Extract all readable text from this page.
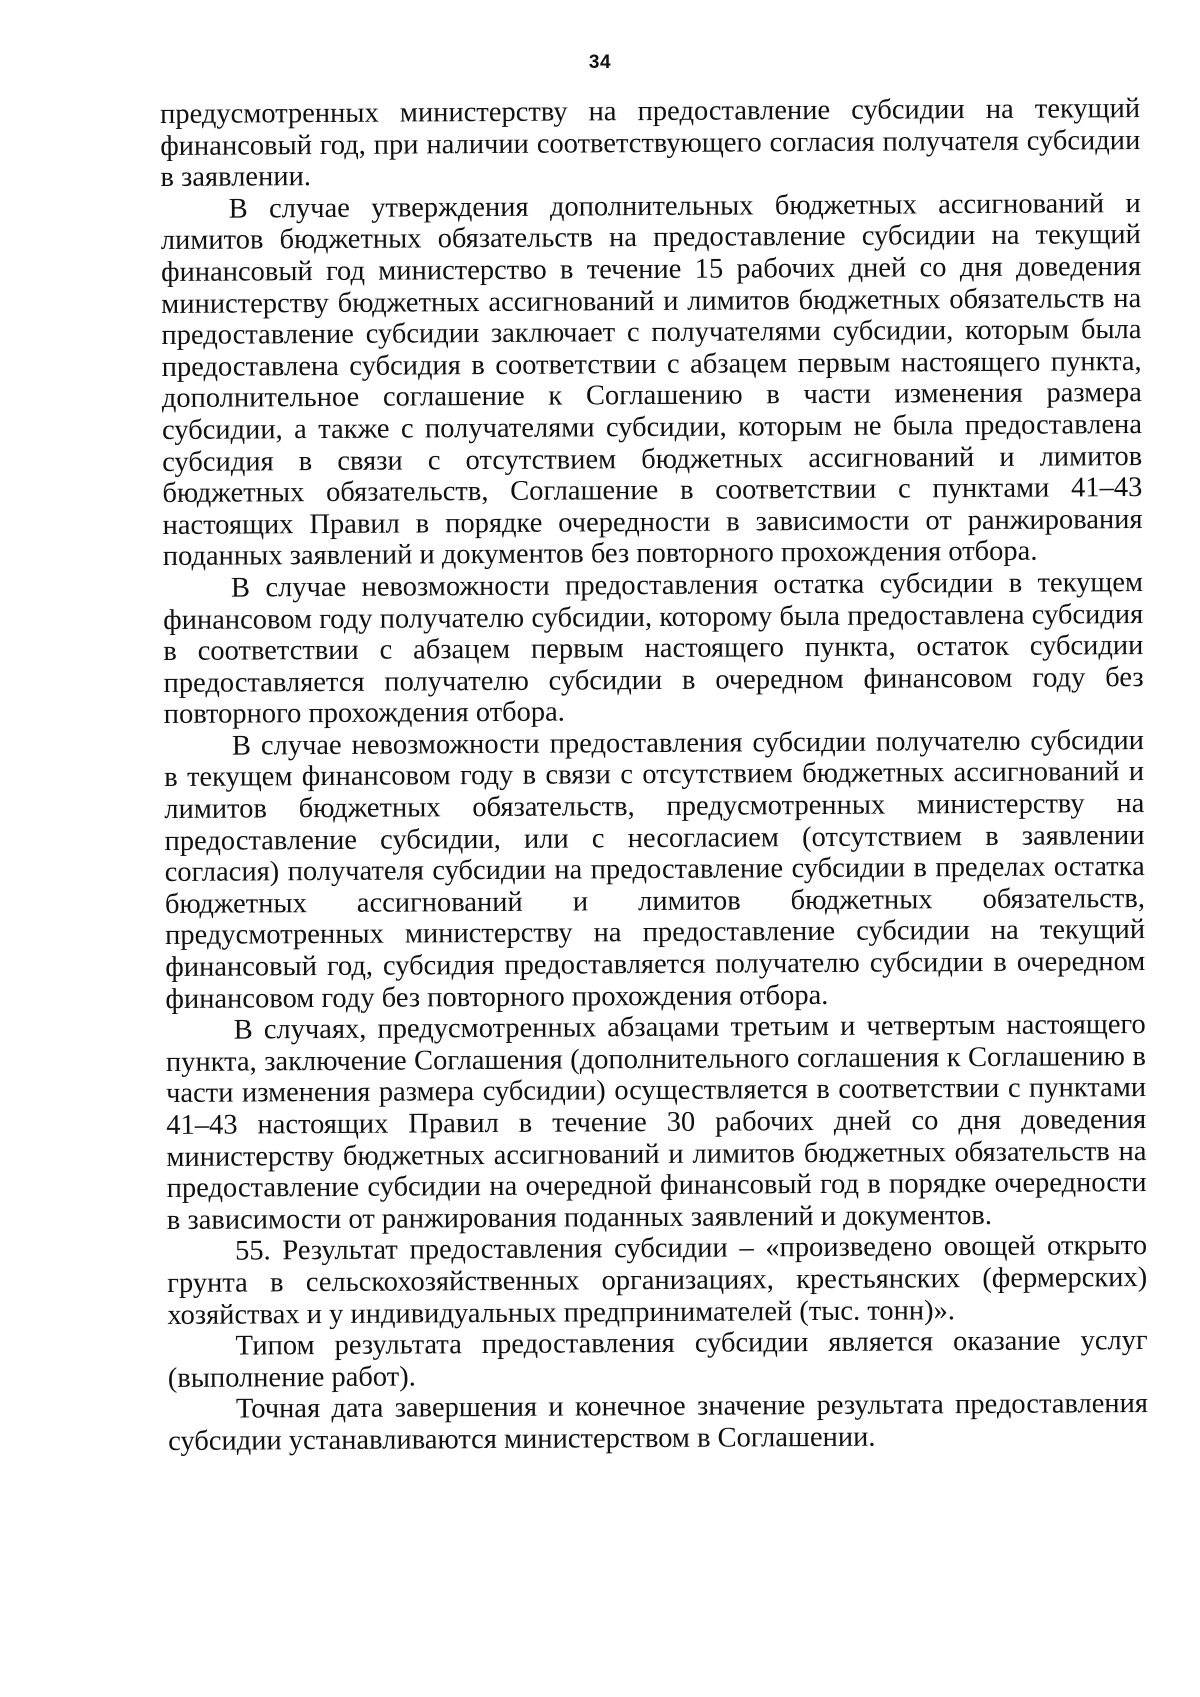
34

предусмотренных министерству на предоставление субсидии на текущий финансовый год, при наличии соответствующего согласия получателя субсидии в заявлении.

В случае утверждения дополнительных бюджетных ассигнований и лимитов бюджетных обязательств на предоставление субсидии на текущий финансовый год министерство в течение 15 рабочих дней со дня доведения министерству бюджетных ассигнований и лимитов бюджетных обязательств на предоставление субсидии заключает с получателями субсидии, которым была предоставлена субсидия в соответствии с абзацем первым настоящего пункта, дополнительное соглашение к Соглашению в части изменения размера субсидии, а также с получателями субсидии, которым не была предоставлена субсидия в связи с отсутствием бюджетных ассигнований и лимитов бюджетных обязательств, Соглашение в соответствии с пунктами 41–43 настоящих Правил в порядке очередности в зависимости от ранжирования поданных заявлений и документов без повторного прохождения отбора.

В случае невозможности предоставления остатка субсидии в текущем финансовом году получателю субсидии, которому была предоставлена субсидия в соответствии с абзацем первым настоящего пункта, остаток субсидии предоставляется получателю субсидии в очередном финансовом году без повторного прохождения отбора.

В случае невозможности предоставления субсидии получателю субсидии в текущем финансовом году в связи с отсутствием бюджетных ассигнований и лимитов бюджетных обязательств, предусмотренных министерству на предоставление субсидии, или с несогласием (отсутствием в заявлении согласия) получателя субсидии на предоставление субсидии в пределах остатка бюджетных ассигнований и лимитов бюджетных обязательств, предусмотренных министерству на предоставление субсидии на текущий финансовый год, субсидия предоставляется получателю субсидии в очередном финансовом году без повторного прохождения отбора.

В случаях, предусмотренных абзацами третьим и четвертым настоящего пункта, заключение Соглашения (дополнительного соглашения к Соглашению в части изменения размера субсидии) осуществляется в соответствии с пунктами 41–43 настоящих Правил в течение 30 рабочих дней со дня доведения министерству бюджетных ассигнований и лимитов бюджетных обязательств на предоставление субсидии на очередной финансовый год в порядке очередности в зависимости от ранжирования поданных заявлений и документов.

55. Результат предоставления субсидии – «произведено овощей открыто грунта в сельскохозяйственных организациях, крестьянских (фермерских) хозяйствах и у индивидуальных предпринимателей (тыс. тонн)».

Типом результата предоставления субсидии является оказание услуг (выполнение работ).

Точная дата завершения и конечное значение результата предоставления субсидии устанавливаются министерством в Соглашении.
